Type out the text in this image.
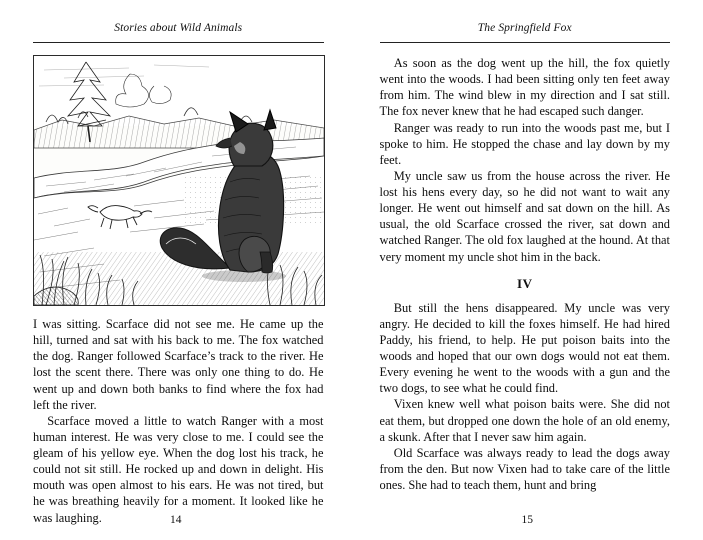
Stories about Wild Animals

I was sitting. Scarface did not see me. He came up the hill, turned and sat with his back to me. The fox watched the dog. Ranger followed Scarface’s track to the river. He lost the scent there. There was only one thing to do. He went up and down both banks to find where the fox had left the river.

Scarface moved a little to watch Ranger with a most human interest. He was very close to me. I could see the gleam of his yellow eye. When the dog lost his track, he could not sit still. He rocked up and down in delight. His mouth was open almost to his ears. He was not tired, but he was breathing heavily for a moment. It looked like he was laughing.	14
The Springfield Fox

As soon as the dog went up the hill, the fox quietly went into the woods. I had been sitting only ten feet away from him. The wind blew in my direction and I sat still. The fox never knew that he had escaped such danger.

Ranger was ready to run into the woods past me, but I spoke to him. He stopped the chase and lay down by my feet.

My uncle saw us from the house across the river. He lost his hens every day, so he did not want to wait any longer. He went out himself and sat down on the hill. As usual, the old Scarface crossed the river, sat down and watched Ranger. The old fox laughed at the hound. At that very moment my uncle shot him in the back.

IV

But still the hens disappeared. My uncle was very angry. He decided to kill the foxes himself. He had hired Paddy, his friend, to help. He put poison baits into the woods and hoped that our own dogs would not eat them. Every evening he went to the woods with a gun and the two dogs, to see what he could find.

Vixen knew well what poison baits were. She did not eat them, but dropped one down the hole of an old enemy, a skunk. After that I never saw him again.

Old Scarface was always ready to lead the dogs away from the den. But now Vixen had to take care of the little ones. She had to teach them, hunt and bring

15
